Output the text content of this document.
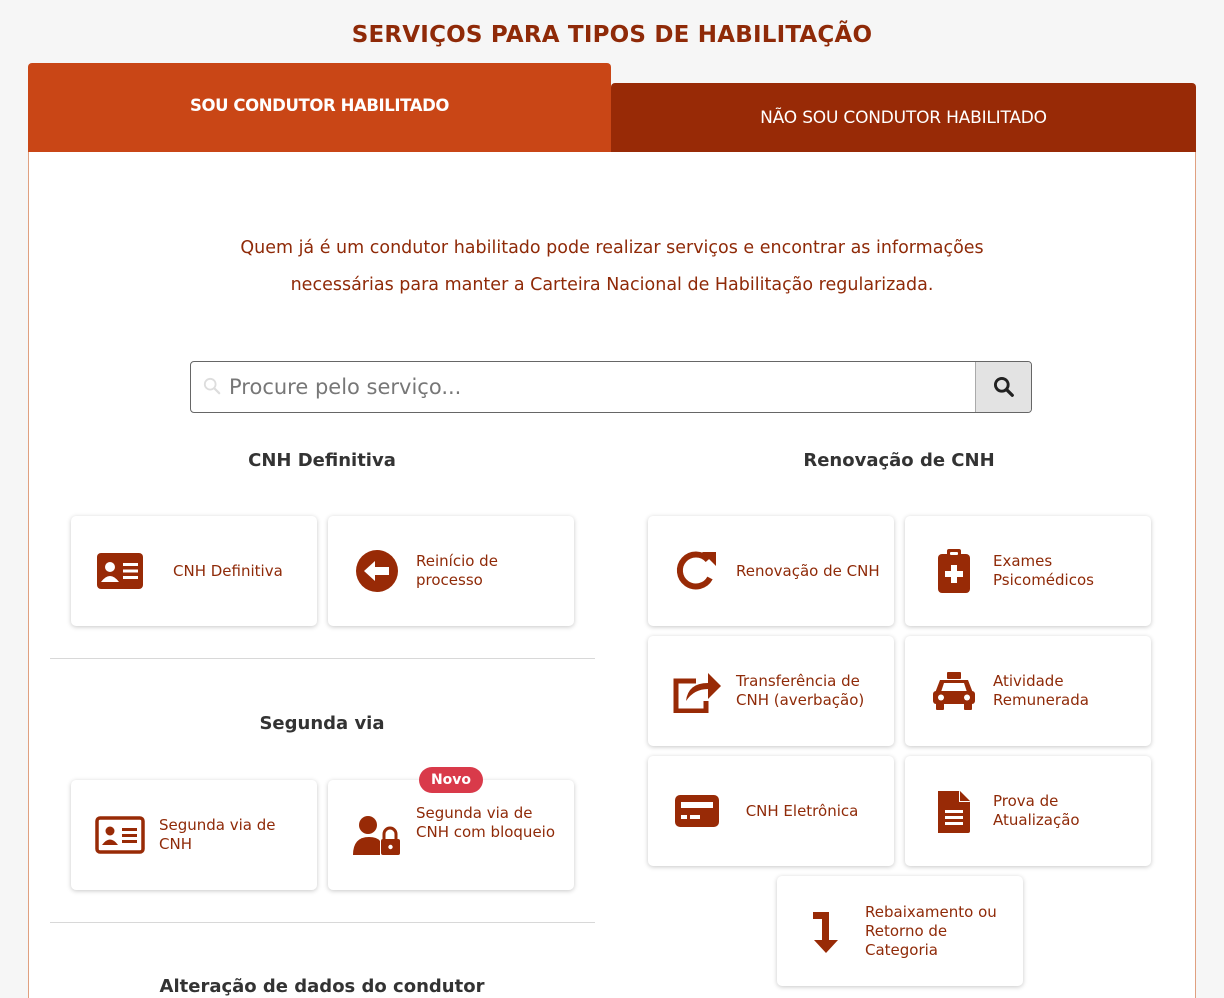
SERVIÇOS PARA TIPOS DE HABILITAÇÃO
SOU CONDUTOR HABILITADO
NÃO SOU CONDUTOR HABILITADO
Quem já é um condutor habilitado pode realizar serviços e encontrar as informações
necessárias para manter a Carteira Nacional de Habilitação regularizada.
Procure pelo serviço...
CNH Definitiva
CNH Definitiva
Reinício de processo
Segunda via
Segunda via de CNH
Novo
Segunda via de CNH com bloqueio
Alteração de dados do condutor
Renovação de CNH
Renovação de CNH
Exames Psicomédicos
Transferência de CNH (averbação)
Atividade Remunerada
CNH Eletrônica
Prova de Atualização
Rebaixamento ou Retorno de Categoria
